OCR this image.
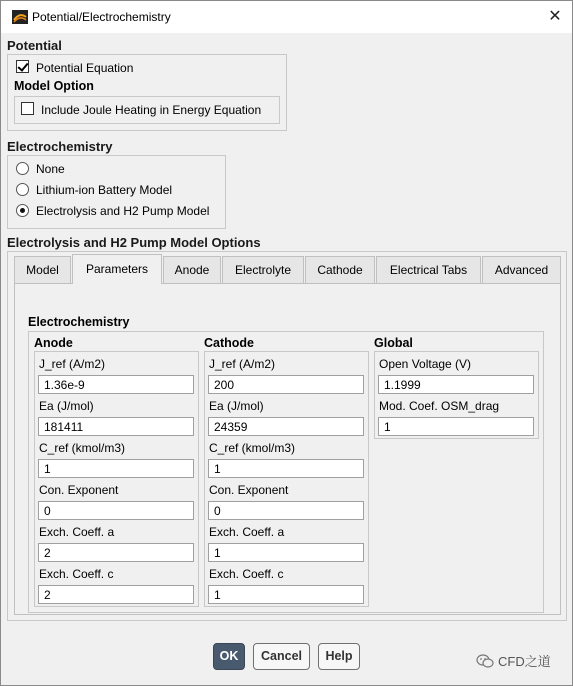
Potential/Electrochemistry	✕
Potential
Potential Equation
Model Option
Include Joule Heating in Energy Equation
Electrochemistry
None
Lithium-ion Battery Model
Electrolysis and H2 Pump Model
Electrolysis and H2 Pump Model Options
Model	Parameters	Anode	Electrolyte	Cathode	Electrical Tabs	Advanced
Electrochemistry
Anode
J_ref (A/m2)
1.36e-9
Ea (J/mol)
181411
C_ref (kmol/m3)
1
Con. Exponent
0
Exch. Coeff. a
2
Exch. Coeff. c
2
Cathode
J_ref (A/m2)
200
Ea (J/mol)
24359
C_ref (kmol/m3)
1
Con. Exponent
0
Exch. Coeff. a
1
Exch. Coeff. c
1
Global
Open Voltage (V)
1.1999
Mod. Coef. OSM_drag
1
OK	Cancel	Help	CFD之道
